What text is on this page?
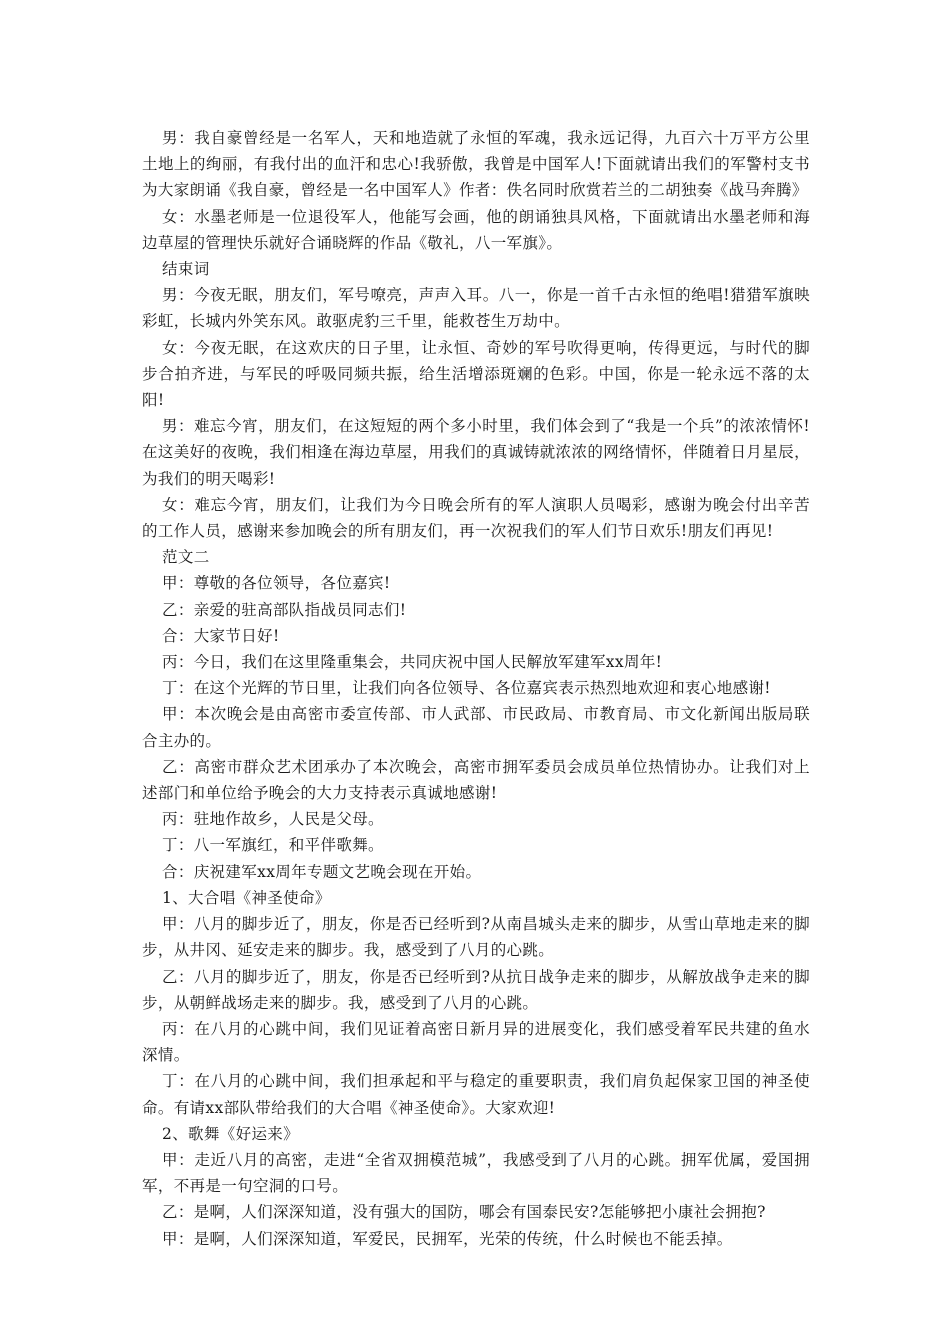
男：我自豪曾经是一名军人，天和地造就了永恒的军魂，我永远记得，九百六十万平方公里土地上的绚丽，有我付出的血汗和忠心!我骄傲，我曾是中国军人!下面就请出我们的军警村支书为大家朗诵《我自豪，曾经是一名中国军人》作者：佚名同时欣赏若兰的二胡独奏《战马奔腾》

女：水墨老师是一位退役军人，他能写会画，他的朗诵独具风格，下面就请出水墨老师和海边草屋的管理快乐就好合诵晓辉的作品《敬礼，八一军旗》。

结束词

男：今夜无眠，朋友们，军号嘹亮，声声入耳。八一，你是一首千古永恒的绝唱!猎猎军旗映彩虹，长城内外笑东风。敢驱虎豹三千里，能救苍生万劫中。

女：今夜无眠，在这欢庆的日子里，让永恒、奇妙的军号吹得更响，传得更远，与时代的脚步合拍齐进，与军民的呼吸同频共振，给生活增添斑斓的色彩。中国，你是一轮永远不落的太阳!

男：难忘今宵，朋友们，在这短短的两个多小时里，我们体会到了“我是一个兵”的浓浓情怀!在这美好的夜晚，我们相逢在海边草屋，用我们的真诚铸就浓浓的网络情怀，伴随着日月星辰，为我们的明天喝彩!

女：难忘今宵，朋友们，让我们为今日晚会所有的军人演职人员喝彩，感谢为晚会付出辛苦的工作人员，感谢来参加晚会的所有朋友们，再一次祝我们的军人们节日欢乐!朋友们再见!

范文二

甲：尊敬的各位领导，各位嘉宾!

乙：亲爱的驻高部队指战员同志们!

合：大家节日好!

丙：今日，我们在这里隆重集会，共同庆祝中国人民解放军建军xx周年!

丁：在这个光辉的节日里，让我们向各位领导、各位嘉宾表示热烈地欢迎和衷心地感谢!

甲：本次晚会是由高密市委宣传部、市人武部、市民政局、市教育局、市文化新闻出版局联合主办的。

乙：高密市群众艺术团承办了本次晚会，高密市拥军委员会成员单位热情协办。让我们对上述部门和单位给予晚会的大力支持表示真诚地感谢!

丙：驻地作故乡，人民是父母。

丁：八一军旗红，和平伴歌舞。

合：庆祝建军xx周年专题文艺晚会现在开始。

1、大合唱《神圣使命》

甲：八月的脚步近了，朋友，你是否已经听到?从南昌城头走来的脚步，从雪山草地走来的脚步，从井冈、延安走来的脚步。我，感受到了八月的心跳。

乙：八月的脚步近了，朋友，你是否已经听到?从抗日战争走来的脚步，从解放战争走来的脚步，从朝鲜战场走来的脚步。我，感受到了八月的心跳。

丙：在八月的心跳中间，我们见证着高密日新月异的进展变化，我们感受着军民共建的鱼水深情。

丁：在八月的心跳中间，我们担承起和平与稳定的重要职责，我们肩负起保家卫国的神圣使命。有请xx部队带给我们的大合唱《神圣使命》。大家欢迎!

2、歌舞《好运来》

甲：走近八月的高密，走进“全省双拥模范城”，我感受到了八月的心跳。拥军优属，爱国拥军，不再是一句空洞的口号。

乙：是啊，人们深深知道，没有强大的国防，哪会有国泰民安?怎能够把小康社会拥抱?

甲：是啊，人们深深知道，军爱民，民拥军，光荣的传统，什么时候也不能丢掉。
